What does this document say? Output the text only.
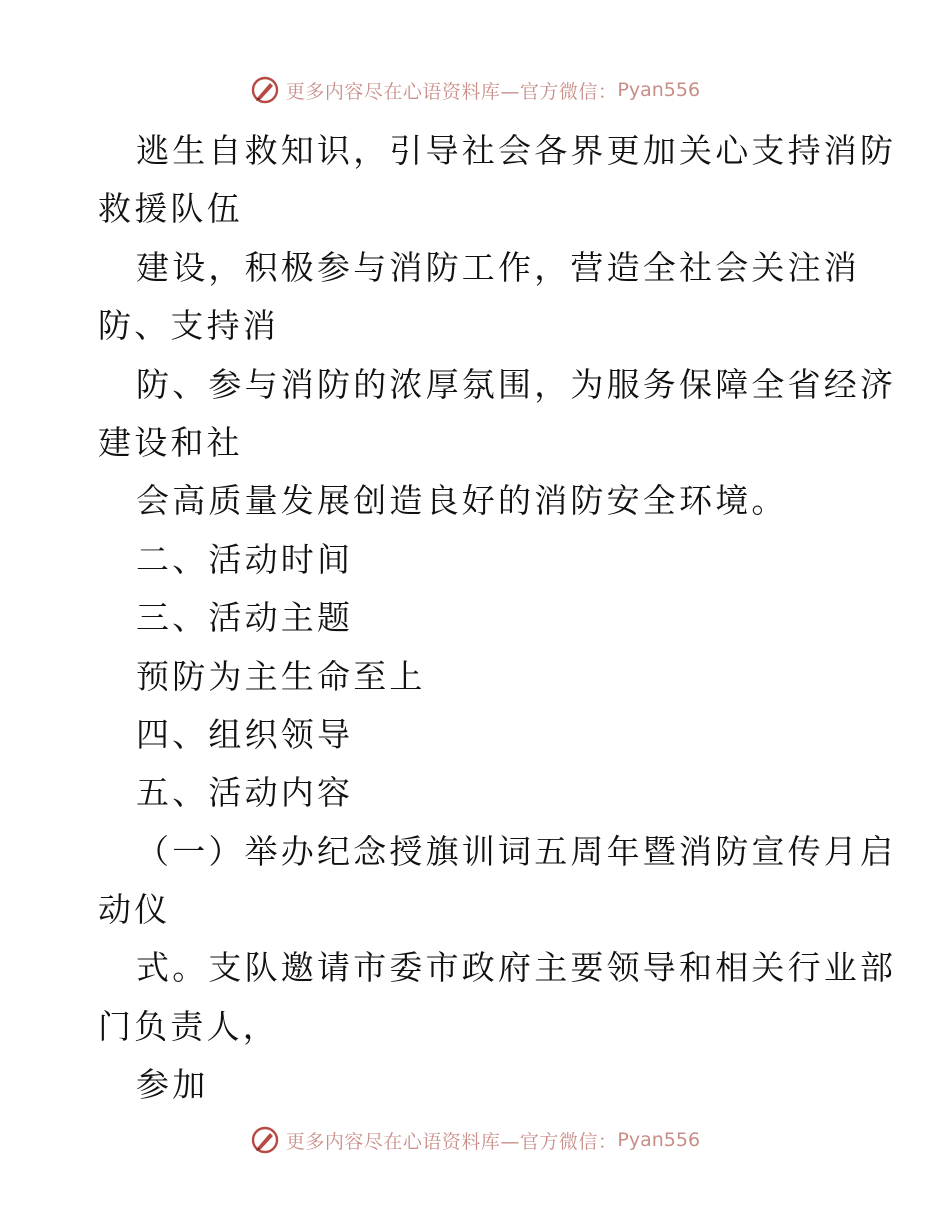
更多内容尽在心语资料库—官方微信： Pyan556

逃生自救知识，引导社会各界更加关心支持消防

救援队伍

建设，积极参与消防工作，营造全社会关注消

防、支持消

防、参与消防的浓厚氛围，为服务保障全省经济

建设和社

会高质量发展创造良好的消防安全环境。

二、活动时间

三、活动主题

预防为主生命至上

四、组织领导

五、活动内容

（一）举办纪念授旗训词五周年暨消防宣传月启

动仪

式。支队邀请市委市政府主要领导和相关行业部

门负责人，

参加

更多内容尽在心语资料库—官方微信： Pyan556
